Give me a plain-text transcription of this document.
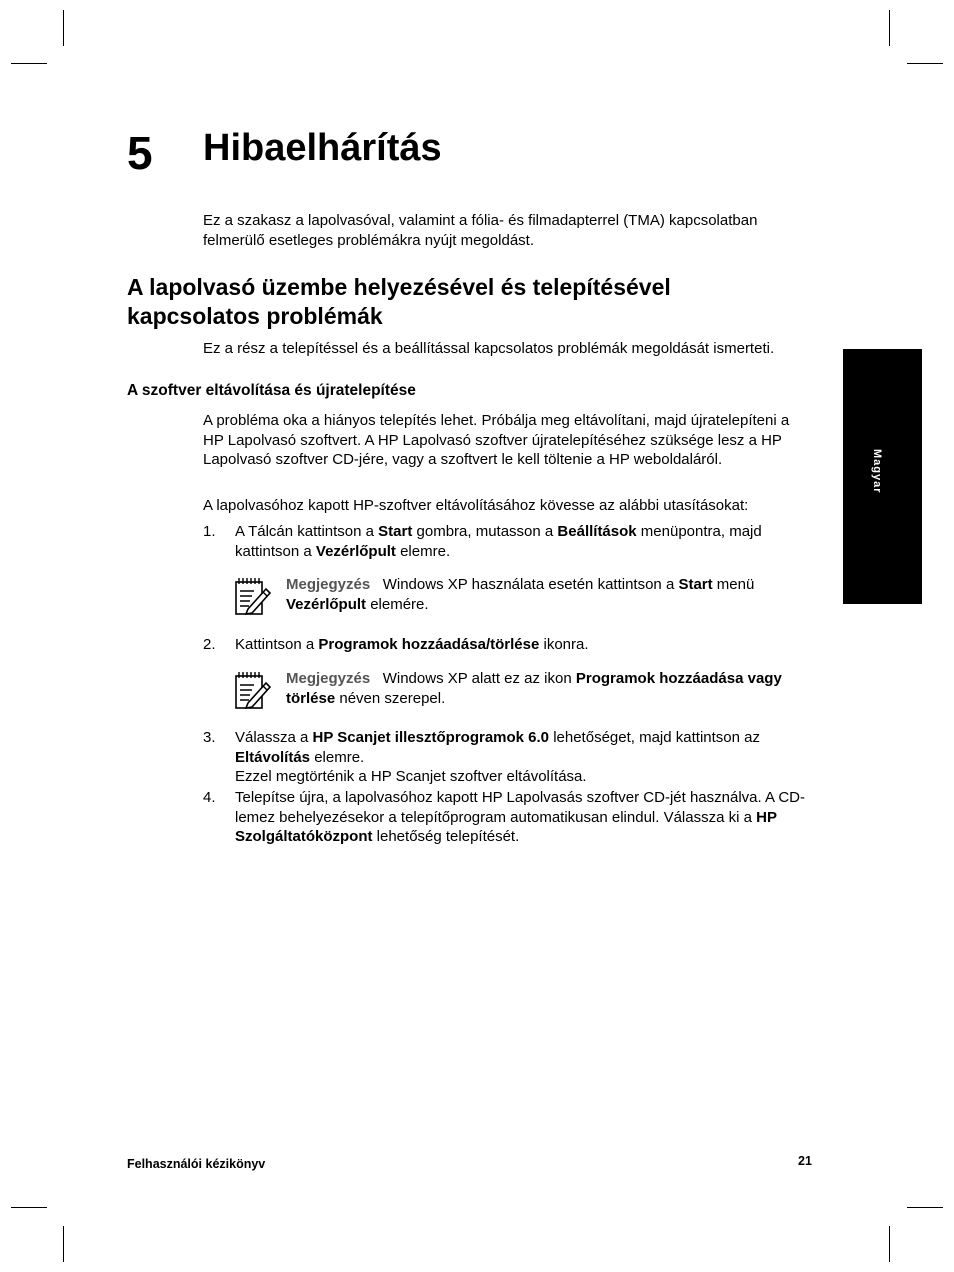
5 Hibaelhárítás
Ez a szakasz a lapolvasóval, valamint a fólia- és filmadapterrel (TMA) kapcsolatban felmerülő esetleges problémákra nyújt megoldást.
A lapolvasó üzembe helyezésével és telepítésével kapcsolatos problémák
Ez a rész a telepítéssel és a beállítással kapcsolatos problémák megoldását ismerteti.
A szoftver eltávolítása és újratelepítése
A probléma oka a hiányos telepítés lehet. Próbálja meg eltávolítani, majd újratelepíteni a HP Lapolvasó szoftvert. A HP Lapolvasó szoftver újratelepítéséhez szüksége lesz a HP Lapolvasó szoftver CD-jére, vagy a szoftvert le kell töltenie a HP weboldaláról.
A lapolvasóhoz kapott HP-szoftver eltávolításához kövesse az alábbi utasításokat:
1. A Tálcán kattintson a Start gombra, mutasson a Beállítások menüpontra, majd kattintson a Vezérlőpult elemre.
Megjegyzés Windows XP használata esetén kattintson a Start menü Vezérlőpult elemére.
2. Kattintson a Programok hozzáadása/törlése ikonra.
Megjegyzés Windows XP alatt ez az ikon Programok hozzáadása vagy törlése néven szerepel.
3. Válassza a HP Scanjet illesztőprogramok 6.0 lehetőséget, majd kattintson az Eltávolítás elemre.
Ezzel megtörténik a HP Scanjet szoftver eltávolítása.
4. Telepítse újra, a lapolvasóhoz kapott HP Lapolvasás szoftver CD-jét használva. A CD-lemez behelyezésekor a telepítőprogram automatikusan elindul. Válassza ki a HP Szolgáltatóközpont lehetőség telepítését.
Magyar
Felhasználói kézikönyv	21
